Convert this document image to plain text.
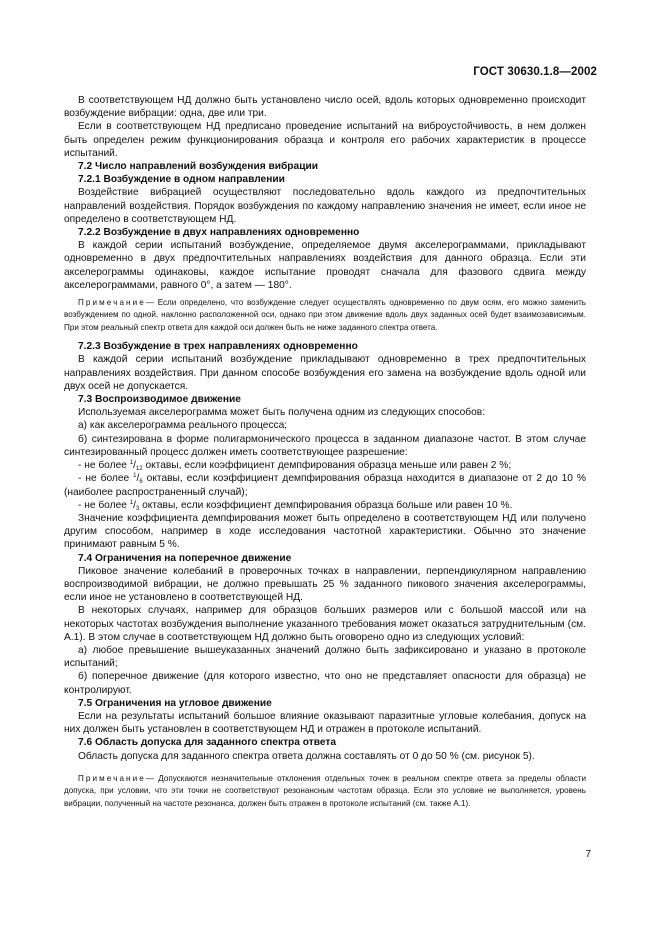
ГОСТ 30630.1.8—2002

В соответствующем НД должно быть установлено число осей, вдоль которых одновременно происходит возбуждение вибрации: одна, две или три.

Если в соответствующем НД предписано проведение испытаний на виброустойчивость, в нем должен быть определен режим функционирования образца и контроля его рабочих характеристик в процессе испытаний.

7.2 Число направлений возбуждения вибрации

7.2.1 Возбуждение в одном направлении

Воздействие вибрацией осуществляют последовательно вдоль каждого из предпочтительных направлений воздействия. Порядок возбуждения по каждому направлению значения не имеет, если иное не определено в соответствующем НД.

7.2.2 Возбуждение в двух направлениях одновременно

В каждой серии испытаний возбуждение, определяемое двумя акселерограммами, прикладывают одновременно в двух предпочтительных направлениях воздействия для данного образца. Если эти акселерограммы одинаковы, каждое испытание проводят сначала для фазового сдвига между акселерограммами, равного 0°, а затем — 180°.

Примечание— Если определено, что возбуждение следует осуществлять одновременно по двум осям, его можно заменить возбуждением по одной, наклонно расположенной оси, однако при этом движение вдоль двух заданных осей будет взаимозависимым. При этом реальный спектр ответа для каждой оси должен быть не ниже заданного спектра ответа.

7.2.3 Возбуждение в трех направлениях одновременно

В каждой серии испытаний возбуждение прикладывают одновременно в трех предпочтительных направлениях воздействия. При данном способе возбуждения его замена на возбуждение вдоль одной или двух осей не допускается.

7.3 Воспроизводимое движение

Используемая акселерограмма может быть получена одним из следующих способов:

а) как акселерограмма реального процесса;

б) синтезирована в форме полигармонического процесса в заданном диапазоне частот. В этом случае синтезированный процесс должен иметь соответствующее разрешение:

- не более $^1/_{12}$ октавы, если коэффициент демпфирования образца меньше или равен 2 %;

- не более $^1/_6$ октавы, если коэффициент демпфирования образца находится в диапазоне от 2 до 10 % (наиболее распространенный случай);

- не более $^1/_3$ октавы, если коэффициент демпфирования образца больше или равен 10 %.

Значение коэффициента демпфирования может быть определено в соответствующем НД или получено другим способом, например в ходе исследования частотной характеристики. Обычно это значение принимают равным 5 %.

7.4 Ограничения на поперечное движение

Пиковое значение колебаний в проверочных точках в направлении, перпендикулярном направлению воспроизводимой вибрации, не должно превышать 25 % заданного пикового значения акселерограммы, если иное не установлено в соответствующей НД.

В некоторых случаях, например для образцов больших размеров или с большой массой или на некоторых частотах возбуждения выполнение указанного требования может оказаться затруднительным (см. А.1). В этом случае в соответствующем НД должно быть оговорено одно из следующих условий:

а) любое превышение вышеуказанных значений должно быть зафиксировано и указано в протоколе испытаний;

б) поперечное движение (для которого известно, что оно не представляет опасности для образца) не контролируют.

7.5 Ограничения на угловое движение

Если на результаты испытаний большое влияние оказывают паразитные угловые колебания, допуск на них должен быть установлен в соответствующем НД и отражен в протоколе испытаний.

7.6 Область допуска для заданного спектра ответа

Область допуска для заданного спектра ответа должна составлять от 0 до 50 % (см. рисунок 5).

Примечание— Допускаются незначительные отклонения отдельных точек в реальном спектре ответа за пределы области допуска, при условии, что эти точки не соответствуют резонансным частотам образца. Если это условие не выполняется, уровень вибрации, полученный на частоте резонанса, должен быть отражен в протоколе испытаний (см. также А.1).

7
